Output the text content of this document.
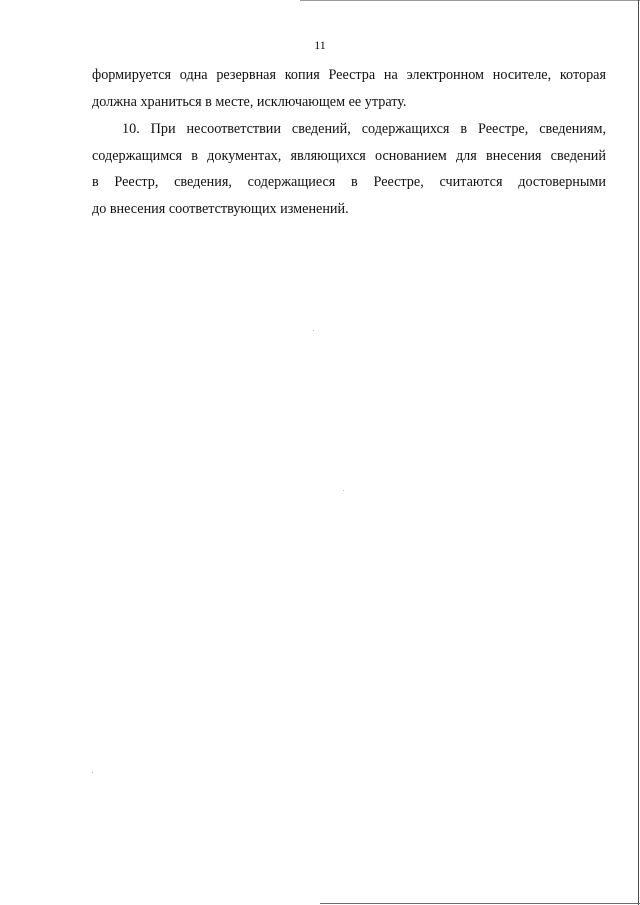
11
формируется одна резервная копия Реестра на электронном носителе, которая
должна храниться в месте, исключающем ее утрату.
10. При несоответствии сведений, содержащихся в Реестре, сведениям,
содержащимся в документах, являющихся основанием для внесения сведений
в Реестр, сведения, содержащиеся в Реестре, считаются достоверными
до внесения соответствующих изменений.
